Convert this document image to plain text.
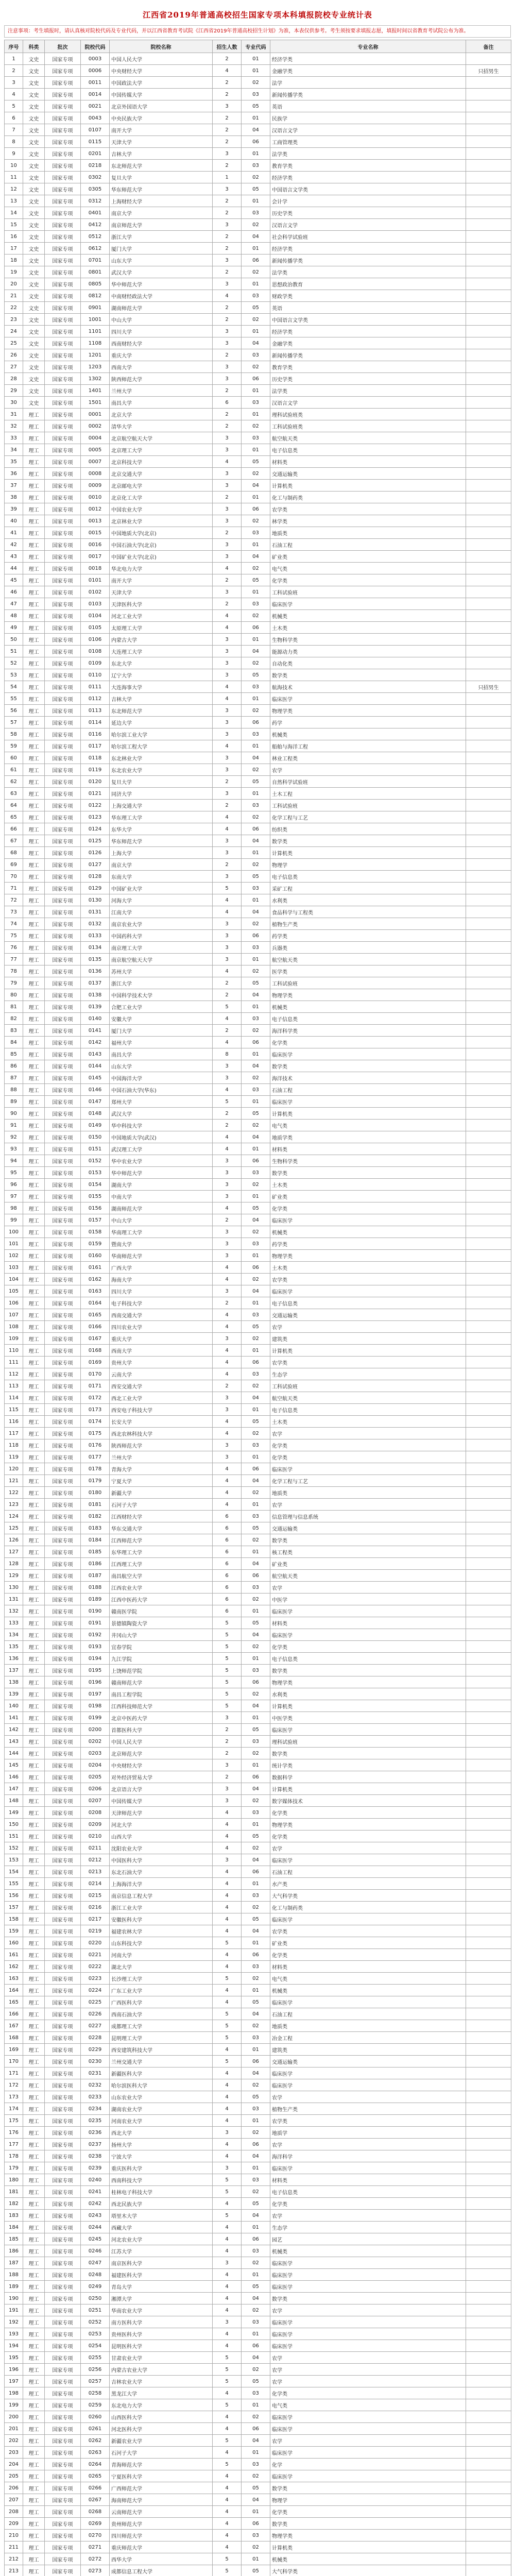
江西省2019年普通高校招生国家专项本科填报院校专业统计表
注意事项：考生填报时，请认真核对院校代码及专业代码，并以江西省教育考试院《江西省2019年普通高校招生计划》为准，本表仅供参考。考生须按要求填报志愿，填报时间以省教育考试院公布为准。
序号	科类	批次	院校代码	院校名称	招生人数	专业代码	专业名称	备注
1	文史	国家专项	0003	中国人民大学	2	01	经济学类	
2	文史	国家专项	0006	中央财经大学	4	01	金融学类	只招男生
3	文史	国家专项	0011	中国政法大学	2	02	法学	
4	文史	国家专项	0014	中国传媒大学	2	03	新闻传播学类	
5	文史	国家专项	0021	北京外国语大学	3	05	英语	
6	文史	国家专项	0043	中央民族大学	2	01	民族学	
7	文史	国家专项	0107	南开大学	2	04	汉语言文学	
8	文史	国家专项	0115	天津大学	2	06	工商管理类	
9	文史	国家专项	0201	吉林大学	3	01	法学类	
10	文史	国家专项	0218	东北师范大学	2	03	教育学类	
11	文史	国家专项	0302	复旦大学	1	02	经济学类	
12	文史	国家专项	0305	华东师范大学	3	05	中国语言文学类	
13	文史	国家专项	0312	上海财经大学	2	01	会计学	
14	文史	国家专项	0401	南京大学	2	03	历史学类	
15	文史	国家专项	0412	南京师范大学	3	02	汉语言文学	
16	文史	国家专项	0512	浙江大学	2	04	社会科学试验班	
17	文史	国家专项	0612	厦门大学	2	01	经济学类	
18	文史	国家专项	0701	山东大学	3	06	新闻传播学类	
19	文史	国家专项	0801	武汉大学	2	02	法学类	
20	文史	国家专项	0805	华中师范大学	3	01	思想政治教育	
21	文史	国家专项	0812	中南财经政法大学	4	03	财政学类	
22	文史	国家专项	0901	湖南师范大学	2	05	英语	
23	文史	国家专项	1001	中山大学	2	02	中国语言文学类	
24	文史	国家专项	1101	四川大学	3	01	经济学类	
25	文史	国家专项	1108	西南财经大学	3	04	金融学类	
26	文史	国家专项	1201	重庆大学	2	03	新闻传播学类	
27	文史	国家专项	1203	西南大学	3	02	教育学类	
28	文史	国家专项	1302	陕西师范大学	3	06	历史学类	
29	文史	国家专项	1401	兰州大学	2	01	法学类	
30	文史	国家专项	1501	南昌大学	6	03	汉语言文学	
31	理工	国家专项	0001	北京大学	2	01	理科试验班类	
32	理工	国家专项	0002	清华大学	2	02	工科试验班类	
33	理工	国家专项	0004	北京航空航天大学	3	03	航空航天类	
34	理工	国家专项	0005	北京理工大学	3	01	电子信息类	
35	理工	国家专项	0007	北京科技大学	4	05	材料类	
36	理工	国家专项	0008	北京交通大学	3	02	交通运输类	
37	理工	国家专项	0009	北京邮电大学	3	04	计算机类	
38	理工	国家专项	0010	北京化工大学	2	01	化工与制药类	
39	理工	国家专项	0012	中国农业大学	3	06	农学类	
40	理工	国家专项	0013	北京林业大学	3	02	林学类	
41	理工	国家专项	0015	中国地质大学(北京)	2	03	地质类	
42	理工	国家专项	0016	中国石油大学(北京)	3	01	石油工程	
43	理工	国家专项	0017	中国矿业大学(北京)	3	04	矿业类	
44	理工	国家专项	0018	华北电力大学	4	02	电气类	
45	理工	国家专项	0101	南开大学	2	05	化学类	
46	理工	国家专项	0102	天津大学	3	01	工科试验班	
47	理工	国家专项	0103	天津医科大学	2	03	临床医学	
48	理工	国家专项	0104	河北工业大学	4	02	机械类	
49	理工	国家专项	0105	太原理工大学	4	06	土木类	
50	理工	国家专项	0106	内蒙古大学	3	01	生物科学类	
51	理工	国家专项	0108	大连理工大学	3	04	能源动力类	
52	理工	国家专项	0109	东北大学	3	02	自动化类	
53	理工	国家专项	0110	辽宁大学	3	05	数学类	
54	理工	国家专项	0111	大连海事大学	4	03	航海技术	只招男生
55	理工	国家专项	0112	吉林大学	4	01	临床医学	
56	理工	国家专项	0113	东北师范大学	3	02	物理学类	
57	理工	国家专项	0114	延边大学	3	06	药学	
58	理工	国家专项	0116	哈尔滨工业大学	3	03	机械类	
59	理工	国家专项	0117	哈尔滨工程大学	4	01	船舶与海洋工程	
60	理工	国家专项	0118	东北林业大学	3	04	林业工程类	
61	理工	国家专项	0119	东北农业大学	3	02	农学	
62	理工	国家专项	0120	复旦大学	2	05	自然科学试验班	
63	理工	国家专项	0121	同济大学	3	01	土木工程	
64	理工	国家专项	0122	上海交通大学	2	03	工科试验班	
65	理工	国家专项	0123	华东理工大学	4	02	化学工程与工艺	
66	理工	国家专项	0124	东华大学	4	06	纺织类	
67	理工	国家专项	0125	华东师范大学	3	04	数学类	
68	理工	国家专项	0126	上海大学	3	01	计算机类	
69	理工	国家专项	0127	南京大学	2	02	物理学	
70	理工	国家专项	0128	东南大学	3	05	电子信息类	
71	理工	国家专项	0129	中国矿业大学	5	03	采矿工程	
72	理工	国家专项	0130	河海大学	4	01	水利类	
73	理工	国家专项	0131	江南大学	4	04	食品科学与工程类	
74	理工	国家专项	0132	南京农业大学	3	02	植物生产类	
75	理工	国家专项	0133	中国药科大学	3	06	药学类	
76	理工	国家专项	0134	南京理工大学	3	03	兵器类	
77	理工	国家专项	0135	南京航空航天大学	3	01	航空航天类	
78	理工	国家专项	0136	苏州大学	4	02	医学类	
79	理工	国家专项	0137	浙江大学	2	05	工科试验班	
80	理工	国家专项	0138	中国科学技术大学	2	04	物理学类	
81	理工	国家专项	0139	合肥工业大学	5	01	机械类	
82	理工	国家专项	0140	安徽大学	4	03	电子信息类	
83	理工	国家专项	0141	厦门大学	2	02	海洋科学类	
84	理工	国家专项	0142	福州大学	4	06	化学类	
85	理工	国家专项	0143	南昌大学	8	01	临床医学	
86	理工	国家专项	0144	山东大学	3	04	数学类	
87	理工	国家专项	0145	中国海洋大学	3	02	海洋技术	
88	理工	国家专项	0146	中国石油大学(华东)	4	03	石油工程	
89	理工	国家专项	0147	郑州大学	5	01	临床医学	
90	理工	国家专项	0148	武汉大学	2	05	计算机类	
91	理工	国家专项	0149	华中科技大学	2	02	电气类	
92	理工	国家专项	0150	中国地质大学(武汉)	4	04	地质学类	
93	理工	国家专项	0151	武汉理工大学	4	01	材料类	
94	理工	国家专项	0152	华中农业大学	3	06	生物科学类	
95	理工	国家专项	0153	华中师范大学	3	03	数学类	
96	理工	国家专项	0154	湖南大学	3	02	土木类	
97	理工	国家专项	0155	中南大学	3	01	矿业类	
98	理工	国家专项	0156	湖南师范大学	4	05	化学类	
99	理工	国家专项	0157	中山大学	2	04	临床医学	
100	理工	国家专项	0158	华南理工大学	3	02	机械类	
101	理工	国家专项	0159	暨南大学	3	03	药学类	
102	理工	国家专项	0160	华南师范大学	3	01	物理学类	
103	理工	国家专项	0161	广西大学	4	06	土木类	
104	理工	国家专项	0162	海南大学	4	02	农学类	
105	理工	国家专项	0163	四川大学	3	04	临床医学	
106	理工	国家专项	0164	电子科技大学	2	01	电子信息类	
107	理工	国家专项	0165	西南交通大学	4	03	交通运输类	
108	理工	国家专项	0166	四川农业大学	4	05	农学	
109	理工	国家专项	0167	重庆大学	3	02	建筑类	
110	理工	国家专项	0168	西南大学	4	01	计算机类	
111	理工	国家专项	0169	贵州大学	4	06	农学类	
112	理工	国家专项	0170	云南大学	4	03	生态学	
113	理工	国家专项	0171	西安交通大学	2	02	工科试验班	
114	理工	国家专项	0172	西北工业大学	3	04	航空航天类	
115	理工	国家专项	0173	西安电子科技大学	3	01	电子信息类	
116	理工	国家专项	0174	长安大学	4	05	土木类	
117	理工	国家专项	0175	西北农林科技大学	4	02	农学	
118	理工	国家专项	0176	陕西师范大学	3	03	化学类	
119	理工	国家专项	0177	兰州大学	3	01	化学类	
120	理工	国家专项	0178	青海大学	4	06	临床医学	
121	理工	国家专项	0179	宁夏大学	4	04	化学工程与工艺	
122	理工	国家专项	0180	新疆大学	4	02	地质类	
123	理工	国家专项	0181	石河子大学	4	01	农学	
124	理工	国家专项	0182	江西财经大学	6	03	信息管理与信息系统	
125	理工	国家专项	0183	华东交通大学	6	05	交通运输类	
126	理工	国家专项	0184	江西师范大学	6	02	数学类	
127	理工	国家专项	0185	东华理工大学	6	01	核工程类	
128	理工	国家专项	0186	江西理工大学	6	04	矿业类	
129	理工	国家专项	0187	南昌航空大学	6	06	航空航天类	
130	理工	国家专项	0188	江西农业大学	6	03	农学	
131	理工	国家专项	0189	江西中医药大学	6	02	中医学	
132	理工	国家专项	0190	赣南医学院	6	01	临床医学	
133	理工	国家专项	0191	景德镇陶瓷大学	5	05	材料类	
134	理工	国家专项	0192	井冈山大学	5	04	临床医学	
135	理工	国家专项	0193	宜春学院	5	02	化学类	
136	理工	国家专项	0194	九江学院	5	01	电子信息类	
137	理工	国家专项	0195	上饶师范学院	5	03	数学类	
138	理工	国家专项	0196	赣南师范大学	5	06	物理学类	
139	理工	国家专项	0197	南昌工程学院	5	02	水利类	
140	理工	国家专项	0198	江西科技师范大学	5	04	计算机类	
141	理工	国家专项	0199	北京中医药大学	3	01	中医学类	
142	理工	国家专项	0200	首都医科大学	2	05	临床医学	
143	理工	国家专项	0202	中国人民大学	2	03	理科试验班	
144	理工	国家专项	0203	北京师范大学	2	02	数学类	
145	理工	国家专项	0204	中央财经大学	3	01	统计学类	
146	理工	国家专项	0205	对外经济贸易大学	2	06	数据科学	
147	理工	国家专项	0206	北京语言大学	3	04	计算机类	
148	理工	国家专项	0207	中国传媒大学	3	02	数字媒体技术	
149	理工	国家专项	0208	天津师范大学	4	03	化学类	
150	理工	国家专项	0209	河北大学	4	01	物理学类	
151	理工	国家专项	0210	山西大学	4	05	化学类	
152	理工	国家专项	0211	沈阳农业大学	4	02	农学	
153	理工	国家专项	0212	中国医科大学	3	04	临床医学	
154	理工	国家专项	0213	东北石油大学	4	06	石油工程	
155	理工	国家专项	0214	上海海洋大学	4	01	水产类	
156	理工	国家专项	0215	南京信息工程大学	4	03	大气科学类	
157	理工	国家专项	0216	浙江工业大学	4	02	化工与制药类	
158	理工	国家专项	0217	安徽医科大学	4	05	临床医学	
159	理工	国家专项	0219	福建农林大学	4	04	农学类	
160	理工	国家专项	0220	山东科技大学	5	01	矿业类	
161	理工	国家专项	0221	河南大学	4	06	化学类	
162	理工	国家专项	0222	湖北大学	4	03	材料类	
163	理工	国家专项	0223	长沙理工大学	5	02	电气类	
164	理工	国家专项	0224	广东工业大学	4	01	机械类	
165	理工	国家专项	0225	广西医科大学	4	05	临床医学	
166	理工	国家专项	0226	西南石油大学	5	04	石油工程	
167	理工	国家专项	0227	成都理工大学	5	02	地质类	
168	理工	国家专项	0228	昆明理工大学	5	03	冶金工程	
169	理工	国家专项	0229	西安建筑科技大学	4	01	建筑类	
170	理工	国家专项	0230	兰州交通大学	5	06	交通运输类	
171	理工	国家专项	0231	新疆医科大学	4	04	临床医学	
172	理工	国家专项	0232	哈尔滨医科大学	4	02	临床医学	
173	理工	国家专项	0233	山东农业大学	4	05	农学	
174	理工	国家专项	0234	湖南农业大学	4	03	植物生产类	
175	理工	国家专项	0235	河南农业大学	4	01	农学类	
176	理工	国家专项	0236	西北大学	3	02	地质学	
177	理工	国家专项	0237	扬州大学	4	06	农学	
178	理工	国家专项	0238	宁波大学	4	04	海洋科学	
179	理工	国家专项	0239	重庆医科大学	3	01	临床医学	
180	理工	国家专项	0240	西南科技大学	5	03	材料类	
181	理工	国家专项	0241	桂林电子科技大学	5	02	电子信息类	
182	理工	国家专项	0242	西北民族大学	4	05	化学类	
183	理工	国家专项	0243	塔里木大学	5	04	农学	
184	理工	国家专项	0244	西藏大学	4	01	生态学	
185	理工	国家专项	0245	河北农业大学	4	06	园艺	
186	理工	国家专项	0246	江苏大学	4	03	机械类	
187	理工	国家专项	0247	南京医科大学	3	02	临床医学	
188	理工	国家专项	0248	福建医科大学	4	01	临床医学	
189	理工	国家专项	0249	青岛大学	4	05	临床医学	
190	理工	国家专项	0250	湘潭大学	4	04	数学类	
191	理工	国家专项	0251	华南农业大学	4	02	农学	
192	理工	国家专项	0252	南方医科大学	3	03	临床医学	
193	理工	国家专项	0253	贵州医科大学	4	01	临床医学	
194	理工	国家专项	0254	昆明医科大学	4	06	临床医学	
195	理工	国家专项	0255	甘肃农业大学	5	04	农学	
196	理工	国家专项	0256	内蒙古农业大学	5	02	农学	
197	理工	国家专项	0257	吉林农业大学	5	05	农学	
198	理工	国家专项	0258	黑龙江大学	4	03	化学类	
199	理工	国家专项	0259	东北电力大学	5	01	电气类	
200	理工	国家专项	0260	山西医科大学	4	02	临床医学	
201	理工	国家专项	0261	河北医科大学	4	06	临床医学	
202	理工	国家专项	0262	新疆农业大学	5	04	农学	
203	理工	国家专项	0263	石河子大学	4	01	临床医学	
204	理工	国家专项	0264	青海师范大学	5	03	化学	
205	理工	国家专项	0265	宁夏医科大学	4	02	临床医学	
206	理工	国家专项	0266	广西师范大学	4	05	数学类	
207	理工	国家专项	0267	海南师范大学	4	04	物理学	
208	理工	国家专项	0268	云南师范大学	4	01	化学类	
209	理工	国家专项	0269	贵州师范大学	4	06	数学类	
210	理工	国家专项	0270	四川师范大学	4	03	物理学类	
211	理工	国家专项	0271	重庆师范大学	4	02	计算机类	
212	理工	国家专项	0272	西华大学	5	01	机械类	
213	理工	国家专项	0273	成都信息工程大学	5	05	大气科学类	
